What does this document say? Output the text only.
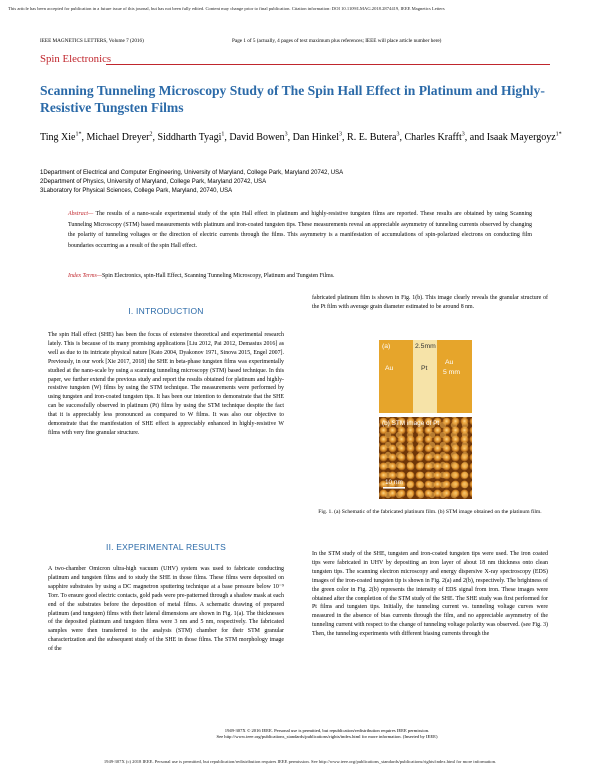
This article has been accepted for publication in a future issue of this journal, but has not been fully edited. Content may change prior to final publication. Citation information: DOI 10.1109/LMAG.2018.2874419, IEEE Magnetics Letters
IEEE MAGNETICS LETTERS, Volume 7 (2016)	Page 1 of 5 (actually, 4 pages of text maximum plus references; IEEE will place article number here)
Spin Electronics
Scanning Tunneling Microscopy Study of The Spin Hall Effect in Platinum and Highly-Resistive Tungsten Films
Ting Xie$^{1*}$, Michael Dreyer$^2$, Siddharth Tyagi$^1$, David Bowen$^3$, Dan Hinkel$^3$, R. E. Butera$^3$, Charles Krafft$^3$, and Isaak Mayergoyz$^{1*}$
1Department of Electrical and Computer Engineering, University of Maryland, College Park, Maryland 20742, USA
2Department of Physics, University of Maryland, College Park, Maryland 20742, USA
3Laboratory for Physical Sciences, College Park, Maryland, 20740, USA
Abstract— The results of a nano-scale experimental study of the spin Hall effect in platinum and highly-resistive tungsten films are reported. These results are obtained by using Scanning Tunneling Microscopy (STM) based measurements with platinum and iron-coated tungsten tips. These measurements reveal an appreciable asymmetry of tunneling currents observed by changing the polarity of tunneling voltages or the direction of electric currents through the films. This asymmetry is a manifestation of accumulations of spin-polarized electrons on conducting film boundaries occurring as a result of the spin Hall effect.
Index Terms—Spin Electronics, spin-Hall Effect, Scanning Tunneling Microscopy, Platinum and Tungsten Films.
I. INTRODUCTION
The spin Hall effect (SHE) has been the focus of extensive theoretical and experimental research lately. This is because of its many promising applications [Liu 2012, Pai 2012, Demasius 2016] as well as due to its intricate physical nature [Kato 2004, Dyakonov 1971, Sinova 2015, Engel 2007]. Previously, in our work [Xie 2017, 2018] the SHE in beta-phase tungsten films was experimentally studied at the nano-scale by using a scanning tunneling microscopy (STM) based technique. In this paper, we further extend the previous study and report the results obtained for platinum and highly-resistive tungsten (W) films by using the STM technique. The measurements were performed by using tungsten and iron-coated tungsten tips. It has been our intention to demonstrate that the SHE can be successfully observed in platinum (Pt) films by using the STM technique despite the fact that it is appreciably less pronounced as compared to W films. It was also our objective to demonstrate that the manifestation of SHE effect is appreciably enhanced in highly-resistive W films with very fine granular structure.
II. EXPERIMENTAL RESULTS
A two-chamber Omicron ultra-high vacuum (UHV) system was used to fabricate conducting platinum and tungsten films and to study the SHE in those films. These films were deposited on sapphire substrates by using a DC magnetron sputtering technique at a base pressure below 10⁻⁹ Torr. To ensure good electric contacts, gold pads were pre-patterned through a shadow mask at each end of the substrates before the deposition of metal films. A schematic drawing of prepared platinum (and tungsten) films with their lateral dimensions are shown in Fig. 1(a). The thicknesses of the deposited platinum and tungsten films were 3 nm and 5 nm, respectively. The fabricated samples were then transferred to the analysis (STM) chamber for their STM granular characterization and the subsequent study of the SHE in those films. The STM morphology image of the
fabricated platinum film is shown in Fig. 1(b). This image clearly reveals the granular structure of the Pt film with average grain diameter estimated to be around 8 nm.
(a)	2.5mm
Pt
Au
Au
5 mm
(b) STM image of Pt
10 nm
Fig. 1. (a) Schematic of the fabricated platinum film. (b) STM image obtained on the platinum film.
In the STM study of the SHE, tungsten and iron-coated tungsten tips were used. The iron coated tips were fabricated in UHV by depositing an iron layer of about 18 nm thickness onto clean tungsten tips. The scanning electron microscopy and energy dispersive X-ray spectroscopy (EDS) images of the iron-coated tungsten tip is shown in Fig. 2(a) and 2(b), respectively. The brightness of the green color in Fig. 2(b) represents the intensity of EDS signal from iron. These images were obtained after the completion of the STM study of the SHE. The SHE study was first performed for Pt films and tungsten tips. Initially, the tunneling current vs. tunneling voltage curves were measured in the absence of bias currents through the film, and no appreciable asymmetry of the tunneling current with respect to the change of tunneling voltage polarity was observed. (see Fig. 3) Then, the tunneling experiments with different biasing currents through the
1949-307X © 2016 IEEE. Personal use is permitted, but republication/redistribution requires IEEE permission.
See http://www.ieee.org/publications_standards/publications/rights/index.html for more information. (Inserted by IEEE)
1949-307X (c) 2018 IEEE. Personal use is permitted, but republication/redistribution requires IEEE permission. See http://www.ieee.org/publications_standards/publications/rights/index.html for more information.
